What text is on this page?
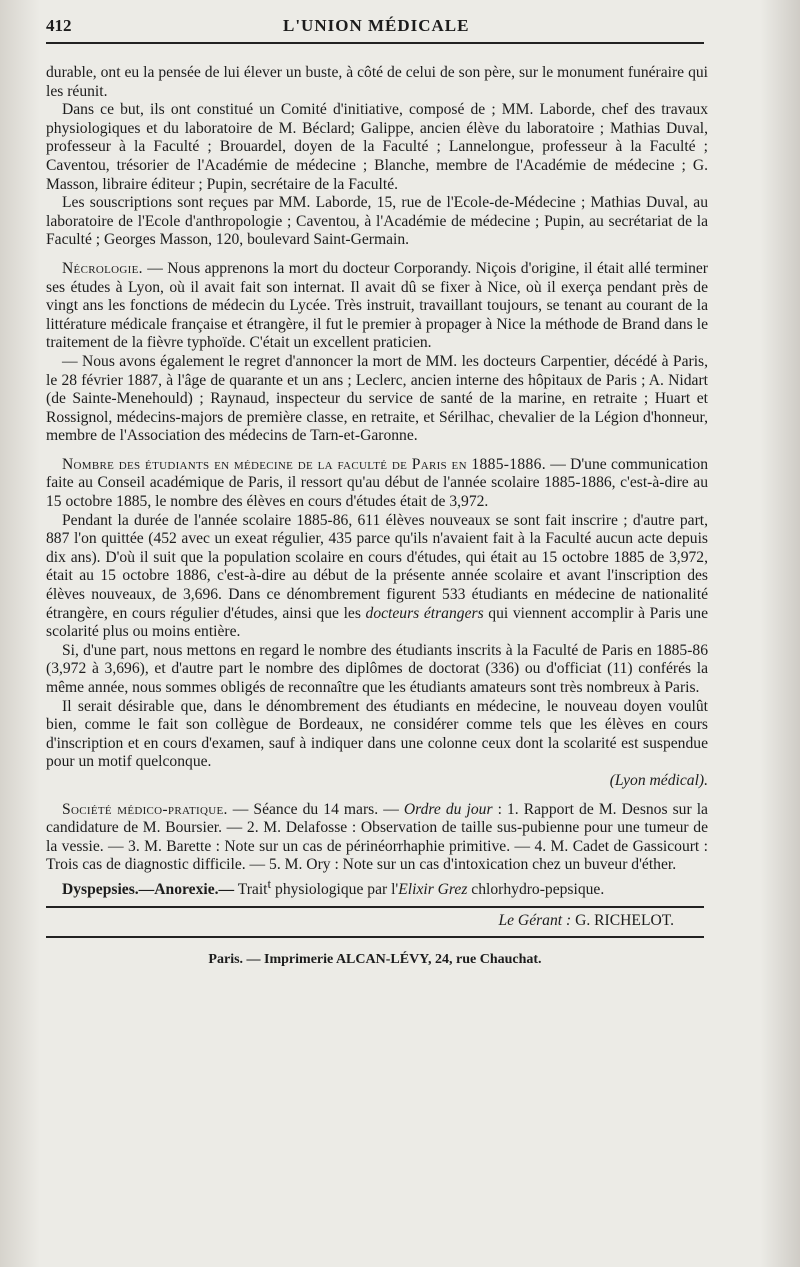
412	L'UNION MÉDICALE

durable, ont eu la pensée de lui élever un buste, à côté de celui de son père, sur le monument funéraire qui les réunit.

Dans ce but, ils ont constitué un Comité d'initiative, composé de ; MM. Laborde, chef des travaux physiologiques et du laboratoire de M. Béclard; Galippe, ancien élève du laboratoire ; Mathias Duval, professeur à la Faculté ; Brouardel, doyen de la Faculté ; Lannelongue, professeur à la Faculté ; Caventou, trésorier de l'Académie de médecine ; Blanche, membre de l'Académie de médecine ; G. Masson, libraire éditeur ; Pupin, secrétaire de la Faculté.

Les souscriptions sont reçues par MM. Laborde, 15, rue de l'Ecole-de-Médecine ; Mathias Duval, au laboratoire de l'Ecole d'anthropologie ; Caventou, à l'Académie de médecine ; Pupin, au secrétariat de la Faculté ; Georges Masson, 120, boulevard Saint-Germain.

Nécrologie. — Nous apprenons la mort du docteur Corporandy. Niçois d'origine, il était allé terminer ses études à Lyon, où il avait fait son internat. Il avait dû se fixer à Nice, où il exerça pendant près de vingt ans les fonctions de médecin du Lycée. Très instruit, travaillant toujours, se tenant au courant de la littérature médicale française et étrangère, il fut le premier à propager à Nice la méthode de Brand dans le traitement de la fièvre typhoïde. C'était un excellent praticien.

— Nous avons également le regret d'annoncer la mort de MM. les docteurs Carpentier, décédé à Paris, le 28 février 1887, à l'âge de quarante et un ans ; Leclerc, ancien interne des hôpitaux de Paris ; A. Nidart (de Sainte-Menehould) ; Raynaud, inspecteur du service de santé de la marine, en retraite ; Huart et Rossignol, médecins-majors de première classe, en retraite, et Sérilhac, chevalier de la Légion d'honneur, membre de l'Association des médecins de Tarn-et-Garonne.

Nombre des étudiants en médecine de la faculté de Paris en 1885-1886. — D'une communication faite au Conseil académique de Paris, il ressort qu'au début de l'année scolaire 1885-1886, c'est-à-dire au 15 octobre 1885, le nombre des élèves en cours d'études était de 3,972.

Pendant la durée de l'année scolaire 1885-86, 611 élèves nouveaux se sont fait inscrire ; d'autre part, 887 l'on quittée (452 avec un exeat régulier, 435 parce qu'ils n'avaient fait à la Faculté aucun acte depuis dix ans). D'où il suit que la population scolaire en cours d'études, qui était au 15 octobre 1885 de 3,972, était au 15 octobre 1886, c'est-à-dire au début de la présente année scolaire et avant l'inscription des élèves nouveaux, de 3,696. Dans ce dénombrement figurent 533 étudiants en médecine de nationalité étrangère, en cours régulier d'études, ainsi que les docteurs étrangers qui viennent accomplir à Paris une scolarité plus ou moins entière.

Si, d'une part, nous mettons en regard le nombre des étudiants inscrits à la Faculté de Paris en 1885-86 (3,972 à 3,696), et d'autre part le nombre des diplômes de doctorat (336) ou d'officiat (11) conférés la même année, nous sommes obligés de reconnaître que les étudiants amateurs sont très nombreux à Paris.

Il serait désirable que, dans le dénombrement des étudiants en médecine, le nouveau doyen voulût bien, comme le fait son collègue de Bordeaux, ne considérer comme tels que les élèves en cours d'inscription et en cours d'examen, sauf à indiquer dans une colonne ceux dont la scolarité est suspendue pour un motif quelconque.

(Lyon médical).

Société médico-pratique. — Séance du 14 mars. — Ordre du jour : 1. Rapport de M. Desnos sur la candidature de M. Boursier. — 2. M. Delafosse : Observation de taille sus-pubienne pour une tumeur de la vessie. — 3. M. Barette : Note sur un cas de périnéorrhaphie primitive. — 4. M. Cadet de Gassicourt : Trois cas de diagnostic difficile. — 5. M. Ory : Note sur un cas d'intoxication chez un buveur d'éther.

Dyspepsies.—Anorexie.— Trait$^t$ physiologique par l'Elixir Grez chlorhydro-pepsique.

Le Gérant : G. RICHELOT.
Paris. — Imprimerie ALCAN-LÉVY, 24, rue Chauchat.
